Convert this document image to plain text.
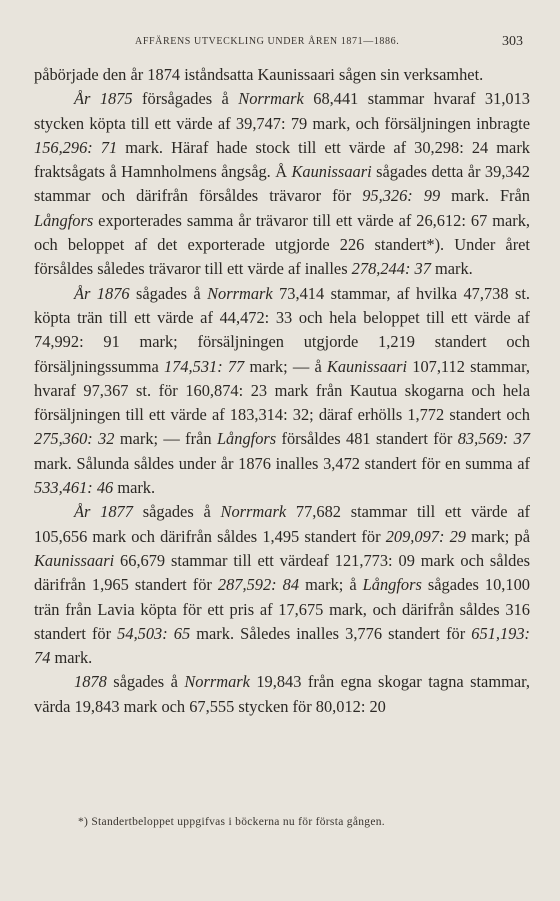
AFFÄRENS UTVECKLING UNDER ÅREN 1871—1886.	303

påbörjade den år 1874 iståndsatta Kaunissaari sågen sin verksamhet.

År 1875 försågades å Norrmark 68,441 stammar hvaraf 31,013 stycken köpta till ett värde af 39,747: 79 mark, och försäljningen inbragte 156,296: 71 mark. Häraf hade stock till ett värde af 30,298: 24 mark fraktsågats å Hamnholmens ångsåg. Å Kaunissaari sågades detta år 39,342 stammar och därifrån försåldes trävaror för 95,326: 99 mark. Från Långfors exporterades samma år trävaror till ett värde af 26,612: 67 mark, och beloppet af det exporterade utgjorde 226 standert*). Under året försåldes således trävaror till ett värde af inalles 278,244: 37 mark.

År 1876 sågades å Norrmark 73,414 stammar, af hvilka 47,738 st. köpta trän till ett värde af 44,472: 33 och hela beloppet till ett värde af 74,992: 91 mark; försäljningen utgjorde 1,219 standert och försäljningssumma 174,531: 77 mark; — å Kaunissaari 107,112 stammar, hvaraf 97,367 st. för 160,874: 23 mark från Kautua skogarna och hela försäljningen till ett värde af 183,314: 32; däraf erhölls 1,772 standert och 275,360: 32 mark; — från Långfors försåldes 481 standert för 83,569: 37 mark. Sålunda såldes under år 1876 inalles 3,472 standert för en summa af 533,461: 46 mark.

År 1877 sågades å Norrmark 77,682 stammar till ett värde af 105,656 mark och därifrån såldes 1,495 standert för 209,097: 29 mark; på Kaunissaari 66,679 stammar till ett värdeaf 121,773: 09 mark och såldes därifrån 1,965 standert för 287,592: 84 mark; å Långfors sågades 10,100 trän från Lavia köpta för ett pris af 17,675 mark, och därifrån såldes 316 standert för 54,503: 65 mark. Således inalles 3,776 standert för 651,193: 74 mark.

1878 sågades å Norrmark 19,843 från egna skogar tagna stammar, värda 19,843 mark och 67,555 stycken för 80,012: 20

*) Standertbeloppet uppgifvas i böckerna nu för första gången.
